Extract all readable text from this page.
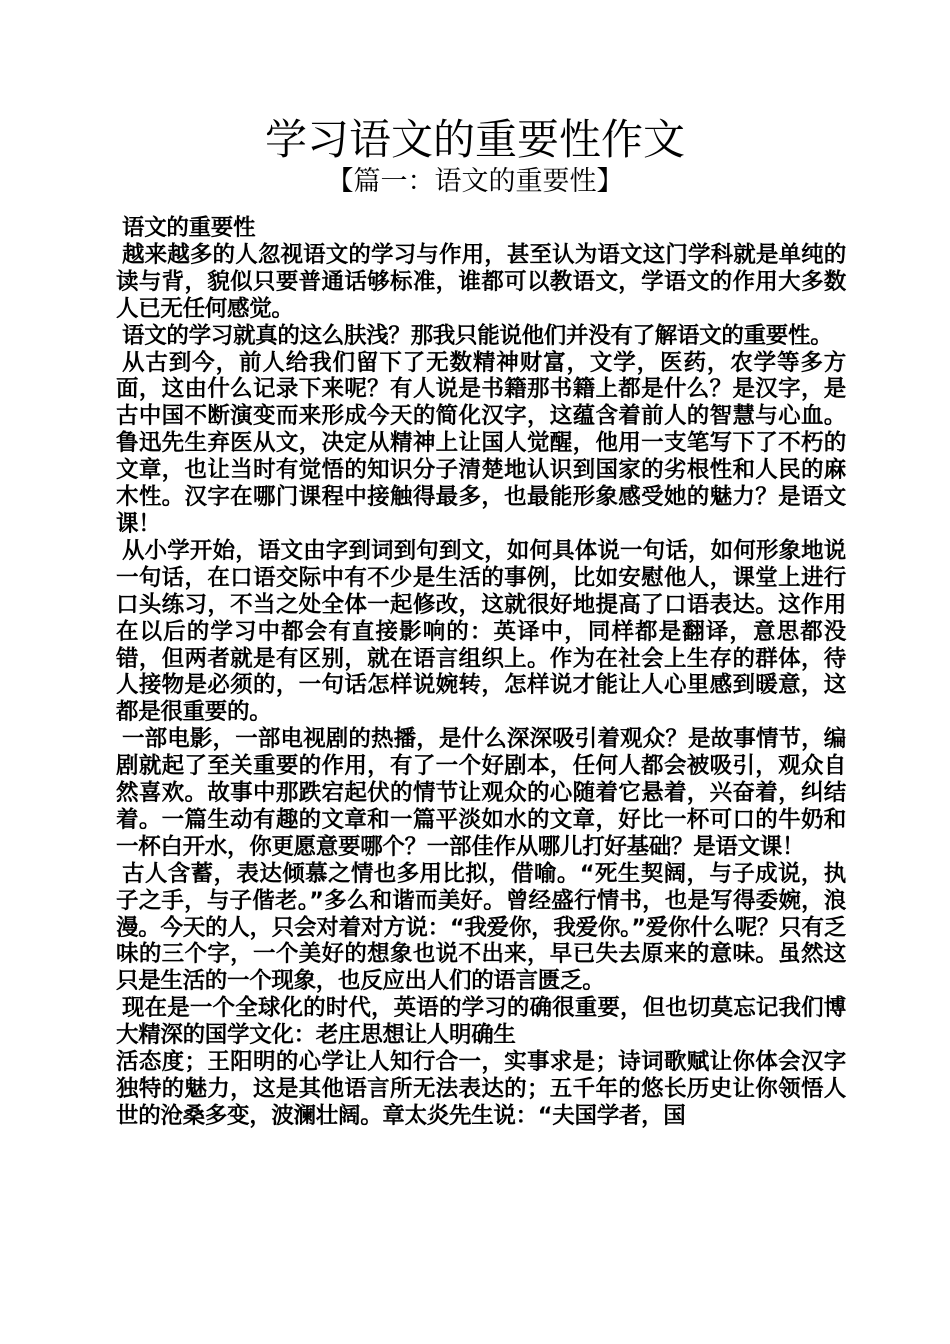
学习语文的重要性作文
【篇一：语文的重要性】

语文的重要性

越来越多的人忽视语文的学习与作用，甚至认为语文这门学科就是单纯的读与背，貌似只要普通话够标准，谁都可以教语文，学语文的作用大多数人已无任何感觉。

语文的学习就真的这么肤浅？那我只能说他们并没有了解语文的重要性。

从古到今，前人给我们留下了无数精神财富，文学，医药，农学等多方面，这由什么记录下来呢？有人说是书籍那书籍上都是什么？是汉字，是古中国不断演变而来形成今天的简化汉字，这蕴含着前人的智慧与心血。鲁迅先生弃医从文，决定从精神上让国人觉醒，他用一支笔写下了不朽的文章，也让当时有觉悟的知识分子清楚地认识到国家的劣根性和人民的麻木性。汉字在哪门课程中接触得最多，也最能形象感受她的魅力？是语文课！

从小学开始，语文由字到词到句到文，如何具体说一句话，如何形象地说一句话，在口语交际中有不少是生活的事例，比如安慰他人，课堂上进行口头练习，不当之处全体一起修改，这就很好地提高了口语表达。这作用在以后的学习中都会有直接影响的：英译中，同样都是翻译，意思都没错，但两者就是有区别，就在语言组织上。作为在社会上生存的群体，待人接物是必须的，一句话怎样说婉转，怎样说才能让人心里感到暖意，这都是很重要的。

一部电影，一部电视剧的热播，是什么深深吸引着观众？是故事情节，编剧就起了至关重要的作用，有了一个好剧本，任何人都会被吸引，观众自然喜欢。故事中那跌宕起伏的情节让观众的心随着它悬着，兴奋着，纠结着。一篇生动有趣的文章和一篇平淡如水的文章，好比一杯可口的牛奶和一杯白开水，你更愿意要哪个？一部佳作从哪儿打好基础？是语文课！

古人含蓄，表达倾慕之情也多用比拟，借喻。“死生契阔，与子成说，执子之手，与子偕老。”多么和谐而美好。曾经盛行情书，也是写得委婉，浪漫。今天的人，只会对着对方说：“我爱你，我爱你。”爱你什么呢？只有乏味的三个字，一个美好的想象也说不出来，早已失去原来的意味。虽然这只是生活的一个现象，也反应出人们的语言匮乏。

现在是一个全球化的时代，英语的学习的确很重要，但也切莫忘记我们博大精深的国学文化：老庄思想让人明确生

活态度；王阳明的心学让人知行合一，实事求是；诗词歌赋让你体会汉字独特的魅力，这是其他语言所无法表达的；五千年的悠长历史让你领悟人世的沧桑多变，波澜壮阔。章太炎先生说：“夫国学者，国
